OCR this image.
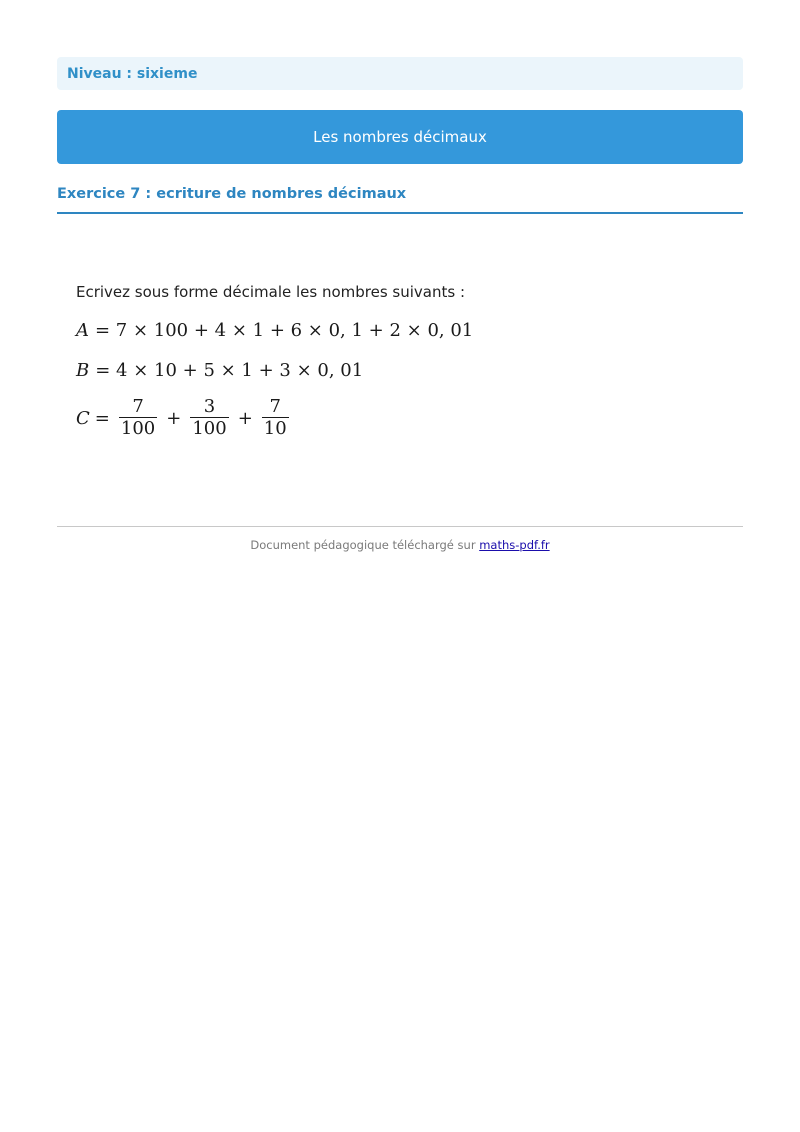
Niveau : sixieme
Les nombres décimaux
Exercice 7 : ecriture de nombres décimaux

Ecrivez sous forme décimale les nombres suivants :

A = 7 × 100 + 4 × 1 + 6 × 0, 1 + 2 × 0, 01
B = 4 × 10 + 5 × 1 + 3 × 0, 01
$C = \frac{7}{100} + \frac{3}{100} + \frac{7}{10}$
Document pédagogique téléchargé sur maths-pdf.fr
